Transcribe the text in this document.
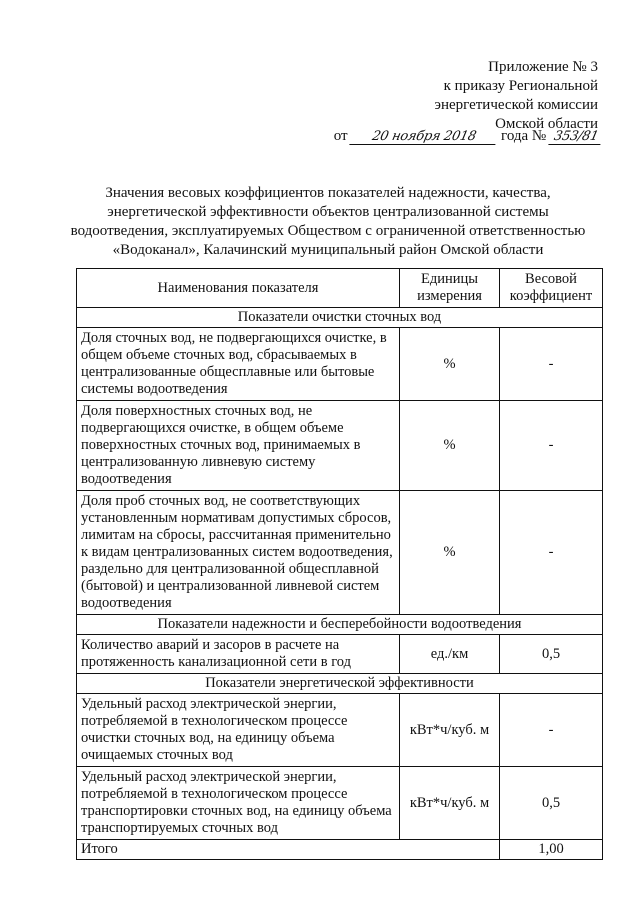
Приложение № 3
к приказу Региональной
энергетической комиссии
Омской области
от 20 ноября 2018 года № 353/81
Значения весовых коэффициентов показателей надежности, качества,
энергетической эффективности объектов централизованной системы
водоотведения, эксплуатируемых Обществом с ограниченной ответственностью
«Водоканал», Калачинский муниципальный район Омской области
Наименования показателя	Единицы измерения	Весовой коэффициент
Показатели очистки сточных вод		
Доля сточных вод, не подвергающихся очистке, в общем объеме сточных вод, сбрасываемых в централизованные общесплавные или бытовые системы водоотведения	%	-
Доля поверхностных сточных вод, не подвергающихся очистке, в общем объеме поверхностных сточных вод, принимаемых в централизованную ливневую систему водоотведения	%	-
Доля проб сточных вод, не соответствующих установленным нормативам допустимых сбросов, лимитам на сбросы, рассчитанная применительно к видам централизованных систем водоотведения, раздельно для централизованной общесплавной (бытовой) и централизованной ливневой систем водоотведения	%	-
Показатели надежности и бесперебойности водоотведения		
Количество аварий и засоров в расчете на протяженность канализационной сети в год	ед./км	0,5
Показатели энергетической эффективности		
Удельный расход электрической энергии, потребляемой в технологическом процессе очистки сточных вод, на единицу объема очищаемых сточных вод	кВт*ч/куб. м	-
Удельный расход электрической энергии, потребляемой в технологическом процессе транспортировки сточных вод, на единицу объема транспортируемых сточных вод	кВт*ч/куб. м	0,5
Итого		1,00
